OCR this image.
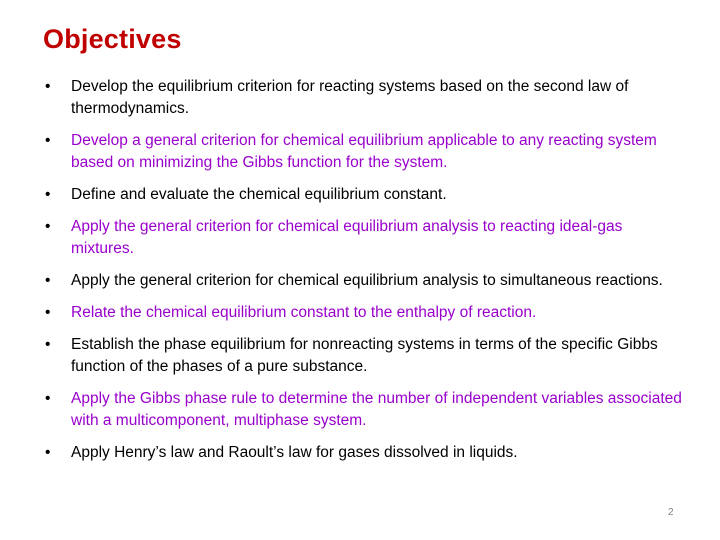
Objectives
• Develop the equilibrium criterion for reacting systems based on the second law of thermodynamics.
• Develop a general criterion for chemical equilibrium applicable to any reacting system based on minimizing the Gibbs function for the system.
• Define and evaluate the chemical equilibrium constant.
• Apply the general criterion for chemical equilibrium analysis to reacting ideal-gas mixtures.
• Apply the general criterion for chemical equilibrium analysis to simultaneous reactions.
• Relate the chemical equilibrium constant to the enthalpy of reaction.
• Establish the phase equilibrium for nonreacting systems in terms of the specific Gibbs function of the phases of a pure substance.
• Apply the Gibbs phase rule to determine the number of independent variables associated with a multicomponent, multiphase system.
• Apply Henry’s law and Raoult’s law for gases dissolved in liquids.
2
